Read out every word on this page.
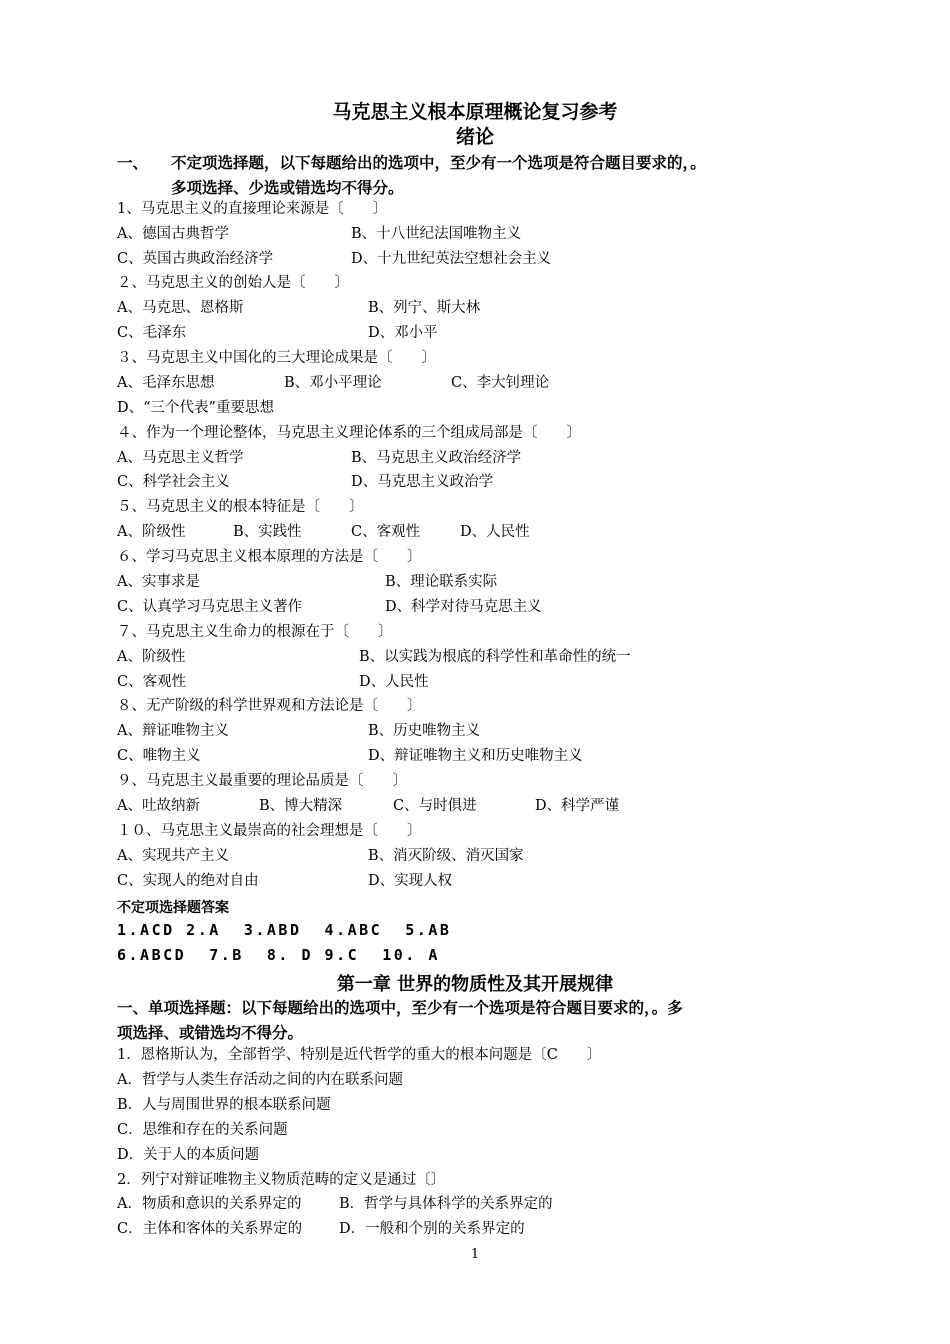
马克思主义根本原理概论复习参考
绪论
一、 不定项选择题，以下每题给出的选项中，至少有一个选项是符合题目要求的，。
多项选择、少选或错选均不得分。
1、马克思主义的直接理论来源是〔　　〕
A、德国古典哲学	B、十八世纪法国唯物主义
C、英国古典政治经济学	D、十九世纪英法空想社会主义
２、马克思主义的创始人是〔　　〕
A、马克思、恩格斯	B、列宁、斯大林
C、毛泽东	D、邓小平
３、马克思主义中国化的三大理论成果是〔　　〕
A、毛泽东思想	B、邓小平理论	C、李大钊理论
D、“三个代表”重要思想
４、作为一个理论整体，马克思主义理论体系的三个组成局部是〔　　〕
A、马克思主义哲学	B、马克思主义政治经济学
C、科学社会主义	D、马克思主义政治学
５、马克思主义的根本特征是〔　　〕
A、阶级性	B、实践性	C、客观性	D、人民性
６、学习马克思主义根本原理的方法是〔　　〕
A、实事求是	B、理论联系实际
C、认真学习马克思主义著作	D、科学对待马克思主义
７、马克思主义生命力的根源在于〔　　〕
A、阶级性	B、以实践为根底的科学性和革命性的统一
C、客观性	D、人民性
８、无产阶级的科学世界观和方法论是〔　　〕
A、辩证唯物主义	B、历史唯物主义
C、唯物主义	D、辩证唯物主义和历史唯物主义
９、马克思主义最重要的理论品质是〔　　〕
A、吐故纳新	B、博大精深	C、与时俱进	D、科学严谨
１０、马克思主义最崇高的社会理想是〔　　〕
A、实现共产主义	B、消灭阶级、消灭国家
C、实现人的绝对自由	D、实现人权
不定项选择题答案
1.ACD 2.A  3.ABD  4.ABC  5.AB
6.ABCD  7.B  8. D 9.C  10. A
第一章 世界的物质性及其开展规律
一、单项选择题：以下每题给出的选项中，至少有一个选项是符合题目要求的，。多
项选择、或错选均不得分。
1．恩格斯认为，全部哲学、特别是近代哲学的重大的根本问题是〔C　　〕
A．哲学与人类生存活动之间的内在联系问题
B．人与周围世界的根本联系问题
C．思维和存在的关系问题
D．关于人的本质问题
2．列宁对辩证唯物主义物质范畴的定义是通过〔〕
A．物质和意识的关系界定的	B．哲学与具体科学的关系界定的
C．主体和客体的关系界定的	D．一般和个别的关系界定的
1
